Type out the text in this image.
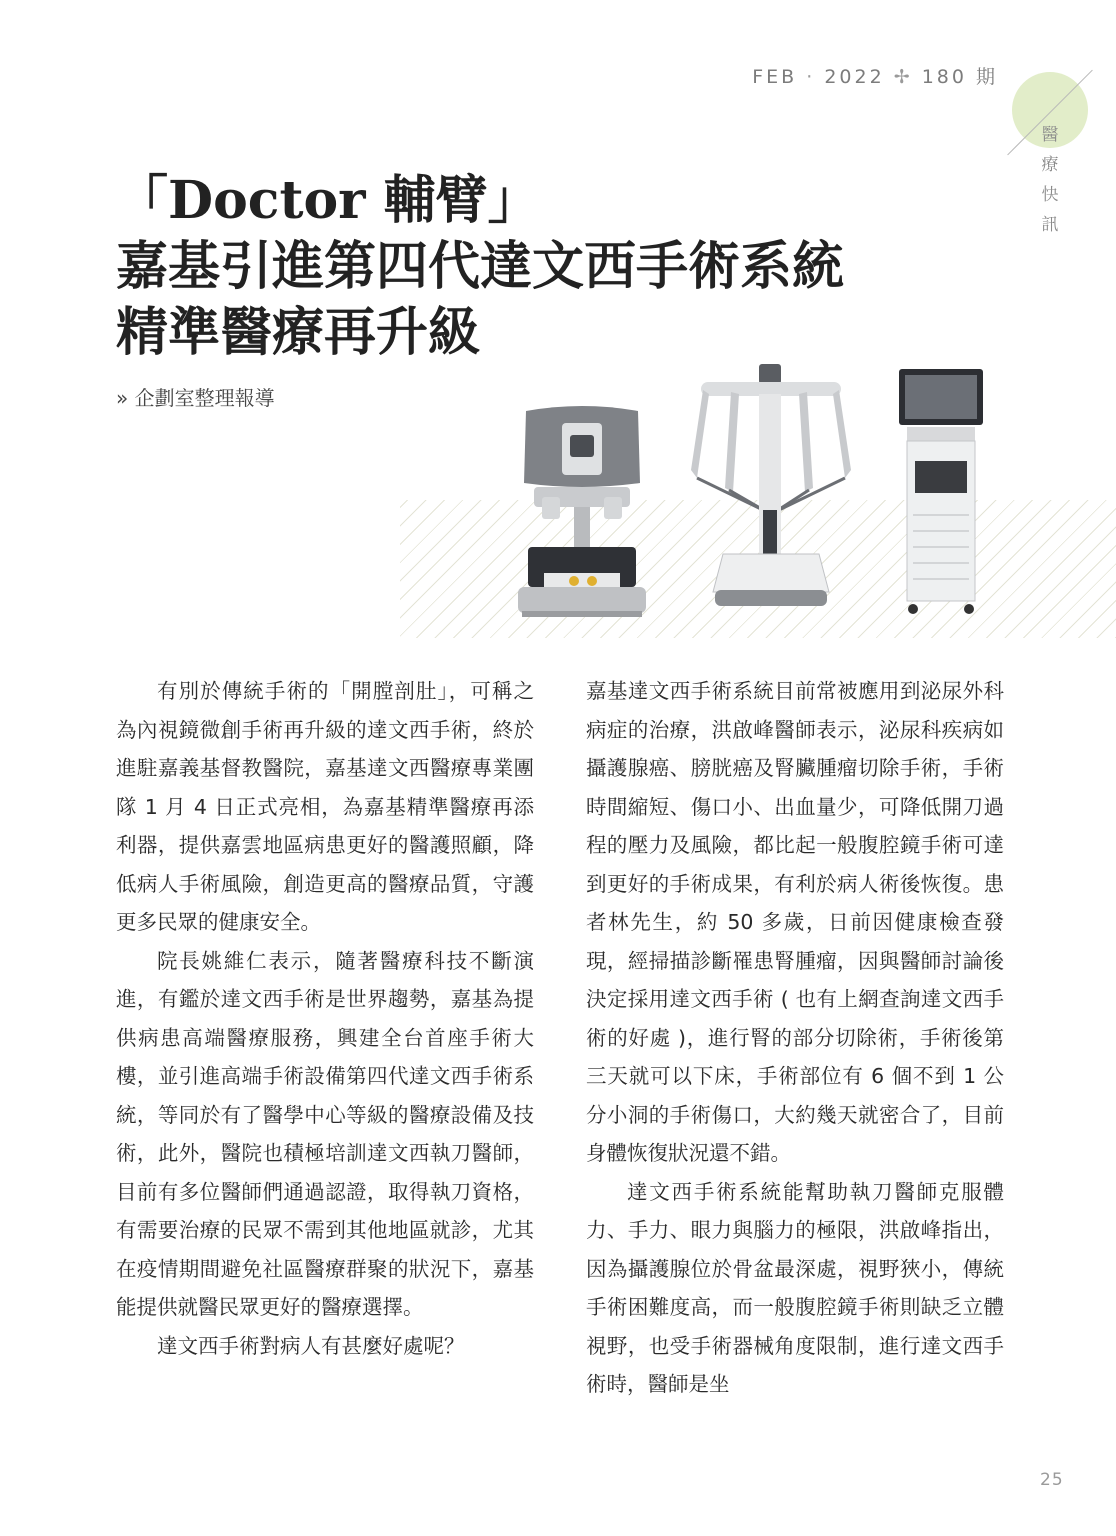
FEB · 2022 ✢ 180 期
醫
療
快
訊
「Doctor 輔臂」
嘉基引進第四代達文西手術系統
精準醫療再升級
» 企劃室整理報導

有別於傳統手術的「開膛剖肚」，可稱之為內視鏡微創手術再升級的達文西手術，終於進駐嘉義基督教醫院，嘉基達文西醫療專業團隊 1 月 4 日正式亮相，為嘉基精準醫療再添利器，提供嘉雲地區病患更好的醫護照顧，降低病人手術風險，創造更高的醫療品質，守護更多民眾的健康安全。

院長姚維仁表示，隨著醫療科技不斷演進，有鑑於達文西手術是世界趨勢，嘉基為提供病患高端醫療服務，興建全台首座手術大樓，並引進高端手術設備第四代達文西手術系統，等同於有了醫學中心等級的醫療設備及技術，此外，醫院也積極培訓達文西執刀醫師，目前有多位醫師們通過認證，取得執刀資格，有需要治療的民眾不需到其他地區就診，尤其在疫情期間避免社區醫療群聚的狀況下，嘉基能提供就醫民眾更好的醫療選擇。

達文西手術對病人有甚麼好處呢？

嘉基達文西手術系統目前常被應用到泌尿外科病症的治療，洪啟峰醫師表示，泌尿科疾病如攝護腺癌、膀胱癌及腎臟腫瘤切除手術，手術時間縮短、傷口小、出血量少，可降低開刀過程的壓力及風險，都比起一般腹腔鏡手術可達到更好的手術成果，有利於病人術後恢復。患者林先生，約 50 多歲，日前因健康檢查發現，經掃描診斷罹患腎腫瘤，因與醫師討論後決定採用達文西手術 ( 也有上網查詢達文西手術的好處 )，進行腎的部分切除術，手術後第三天就可以下床，手術部位有 6 個不到 1 公分小洞的手術傷口，大約幾天就密合了，目前身體恢復狀況還不錯。

達文西手術系統能幫助執刀醫師克服體力、手力、眼力與腦力的極限，洪啟峰指出，因為攝護腺位於骨盆最深處，視野狹小，傳統手術困難度高，而一般腹腔鏡手術則缺乏立體視野，也受手術器械角度限制，進行達文西手術時，醫師是坐

25
